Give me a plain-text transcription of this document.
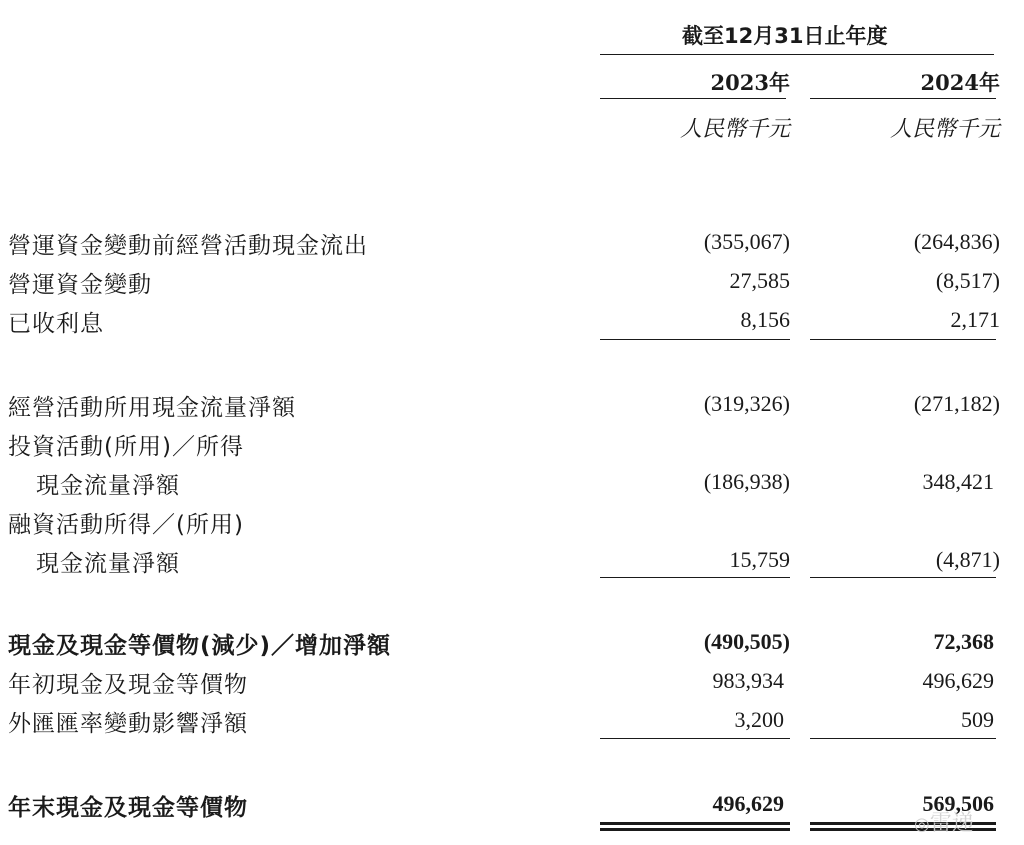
截至12月31日止年度
2023年	2024年
人民幣千元	人民幣千元
營運資金變動前經營活動現金流出	(355,067)	(264,836)
營運資金變動	27,585	(8,517)
已收利息	8,156	2,171
經營活動所用現金流量淨額	(319,326)	(271,182)
投資活動(所用)／所得
現金流量淨額	(186,938)	348,421
融資活動所得／(所用)
現金流量淨額	15,759	(4,871)
現金及現金等價物(減少)／增加淨額	(490,505)	72,368
年初現金及現金等價物	983,934	496,629
外匯匯率變動影響淨額	3,200	509
年末現金及現金等價物	496,629	569,506
◎雷递
